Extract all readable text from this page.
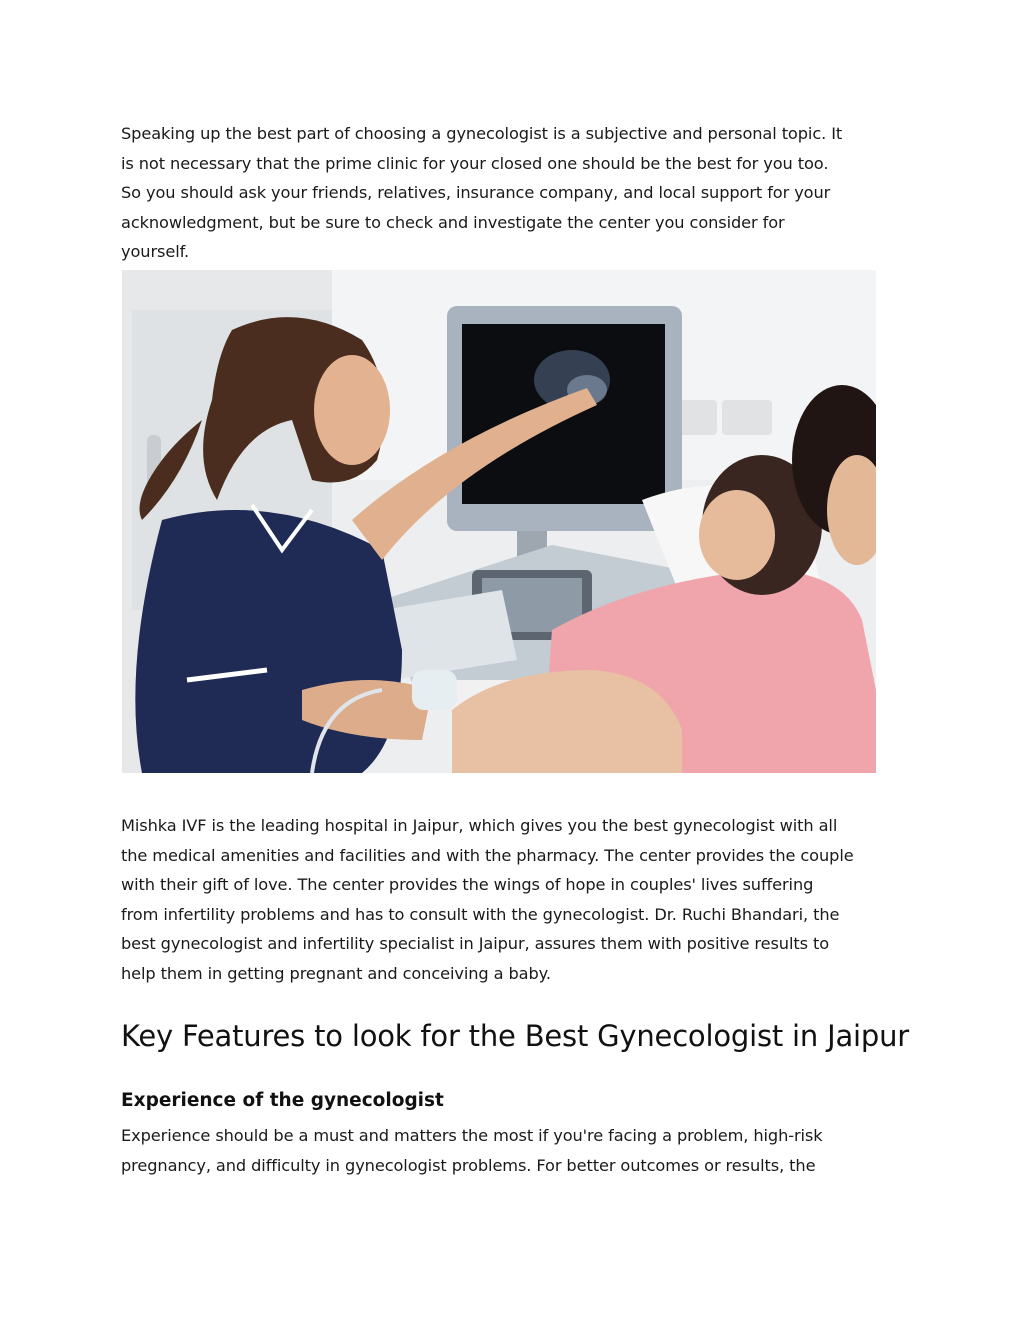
Speaking up the best part of choosing a gynecologist is a subjective and personal topic. It
is not necessary that the prime clinic for your closed one should be the best for you too.
So you should ask your friends, relatives, insurance company, and local support for your
acknowledgment, but be sure to check and investigate the center you consider for
yourself.

Mishka IVF is the leading hospital in Jaipur, which gives you the best gynecologist with all
the medical amenities and facilities and with the pharmacy. The center provides the couple
with their gift of love. The center provides the wings of hope in couples' lives suffering
from infertility problems and has to consult with the gynecologist. Dr. Ruchi Bhandari, the
best gynecologist and infertility specialist in Jaipur, assures them with positive results to
help them in getting pregnant and conceiving a baby.

Key Features to look for the Best Gynecologist in Jaipur
Experience of the gynecologist

Experience should be a must and matters the most if you're facing a problem, high-risk
pregnancy, and difficulty in gynecologist problems. For better outcomes or results, the
